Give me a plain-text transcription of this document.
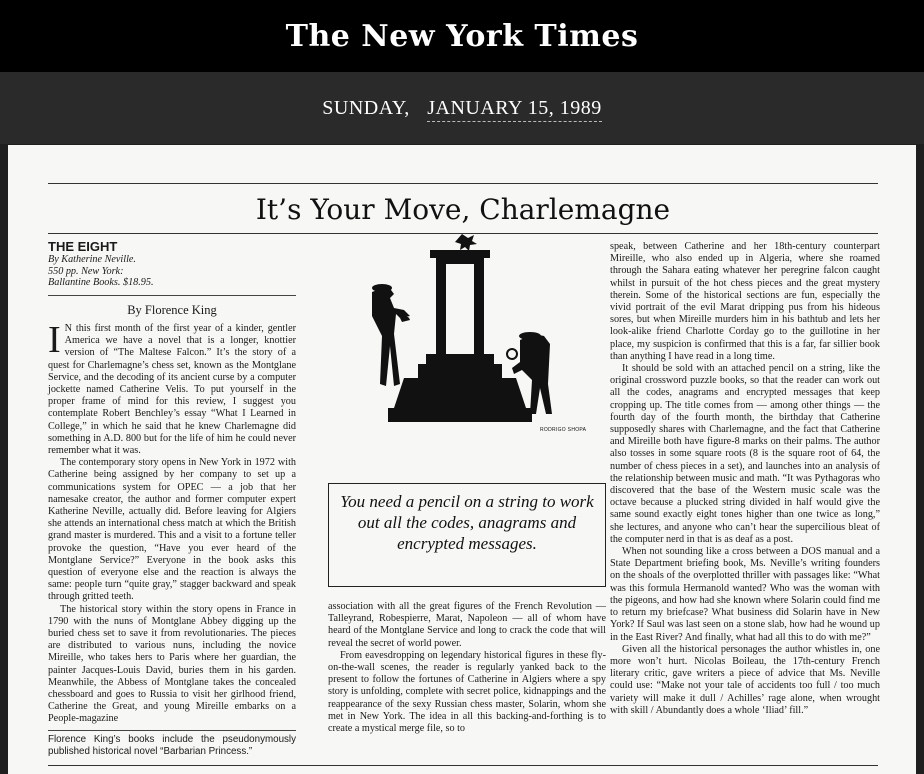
The New York Times
SUNDAY, JANUARY 15, 1989
It’s Your Move, Charlemagne

THE EIGHT

By Katherine Neville.

550 pp. New York:

Ballantine Books. $18.95.

By Florence King

I N this first month of the first year of a kinder, gentler America we have a novel that is a longer, knottier version of “The Maltese Falcon.” It’s the story of a quest for Charlemagne’s chess set, known as the Montglane Service, and the decoding of its ancient curse by a computer jockette named Catherine Velis. To put yourself in the proper frame of mind for this review, I suggest you contemplate Robert Benchley’s essay “What I Learned in College,” in which he said that he knew Charlemagne did something in A.D. 800 but for the life of him he could never remember what it was.

The contemporary story opens in New York in 1972 with Catherine being assigned by her company to set up a communications system for OPEC — a job that her namesake creator, the author and former computer expert Katherine Neville, actually did. Before leaving for Algiers she attends an international chess match at which the British grand master is murdered. This and a visit to a fortune teller provoke the question, “Have you ever heard of the Montglane Service?” Everyone in the book asks this question of everyone else and the reaction is always the same: people turn “quite gray,” stagger backward and speak through gritted teeth.

The historical story within the story opens in France in 1790 with the nuns of Montglane Abbey digging up the buried chess set to save it from revolutionaries. The pieces are distributed to various nuns, including the novice Mireille, who takes hers to Paris where her guardian, the painter Jacques-Louis David, buries them in his garden. Meanwhile, the Abbess of Montglane takes the concealed chessboard and goes to Russia to visit her girlhood friend, Catherine the Great, and young Mireille embarks on a People-magazine

Florence King’s books include the pseudonymously published historical novel “Barbarian Princess.”

RODRIGO SHOPA
You need a pencil on a string to work out all the codes, anagrams and encrypted messages.

association with all the great figures of the French Revolution — Talleyrand, Robespierre, Marat, Napoleon — all of whom have heard of the Montglane Service and long to crack the code that will reveal the secret of world power.

From eavesdropping on legendary historical figures in these fly-on-the-wall scenes, the reader is regularly yanked back to the present to follow the fortunes of Catherine in Algiers where a spy story is unfolding, complete with secret police, kidnappings and the reappearance of the sexy Russian chess master, Solarin, whom she met in New York. The idea in all this backing-and-forthing is to create a mystical merge file, so to

speak, between Catherine and her 18th-century counterpart Mireille, who also ended up in Algeria, where she roamed through the Sahara eating whatever her peregrine falcon caught whilst in pursuit of the hot chess pieces and the great mystery therein. Some of the historical sections are fun, especially the vivid portrait of the evil Marat dripping pus from his hideous sores, but when Mireille murders him in his bathtub and lets her look-alike friend Charlotte Corday go to the guillotine in her place, my suspicion is confirmed that this is a far, far sillier book than anything I have read in a long time.

It should be sold with an attached pencil on a string, like the original crossword puzzle books, so that the reader can work out all the codes, anagrams and encrypted messages that keep cropping up. The title comes from — among other things — the fourth day of the fourth month, the birthday that Catherine supposedly shares with Charlemagne, and the fact that Catherine and Mireille both have figure-8 marks on their palms. The author also tosses in some square roots (8 is the square root of 64, the number of chess pieces in a set), and launches into an analysis of the relationship between music and math. “It was Pythagoras who discovered that the base of the Western music scale was the octave because a plucked string divided in half would give the same sound exactly eight tones higher than one twice as long,” she lectures, and anyone who can’t hear the supercilious bleat of the computer nerd in that is as deaf as a post.

When not sounding like a cross between a DOS manual and a State Department briefing book, Ms. Neville’s writing founders on the shoals of the overplotted thriller with passages like: “What was this formula Hermanold wanted? Who was the woman with the pigeons, and how had she known where Solarin could find me to return my briefcase? What business did Solarin have in New York? If Saul was last seen on a stone slab, how had he wound up in the East River? And finally, what had all this to do with me?”

Given all the historical personages the author whistles in, one more won’t hurt. Nicolas Boileau, the 17th-century French literary critic, gave writers a piece of advice that Ms. Neville could use: “Make not your tale of accidents too full / too much variety will make it dull / Achilles’ rage alone, when wrought with skill / Abundantly does a whole ‘Iliad’ fill.”
